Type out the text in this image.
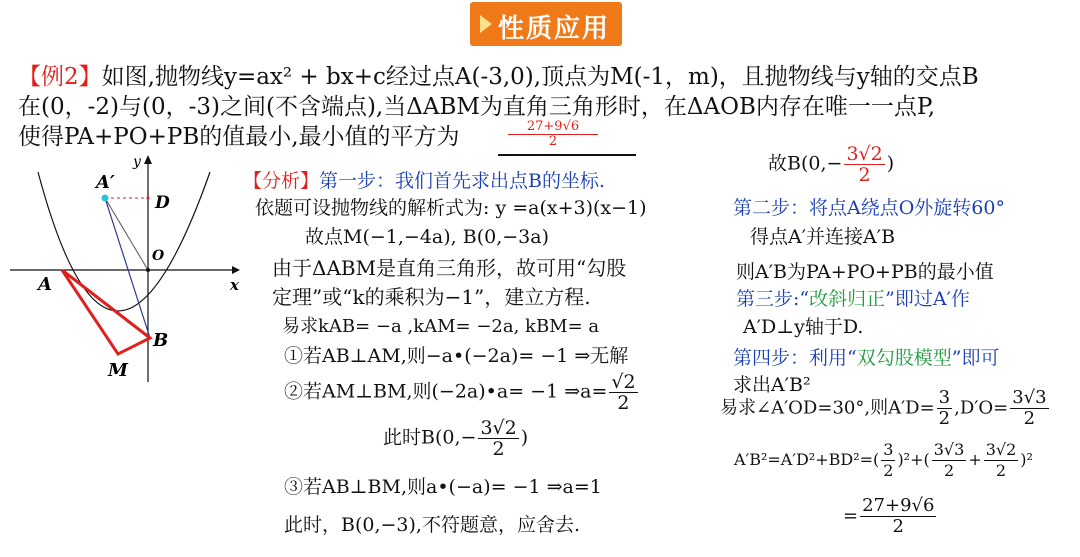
性质应用
【例2】如图,抛物线y=ax² + bx+c经过点A(-3,0),顶点为M(-1，m)，且抛物线与y轴的交点B
在(0，-2)与(0，-3)之间(不含端点),当ΔABM为直角三角形时，在ΔAOB内存在唯一一点P,
使得PA+PO+PB的值最小,最小值的平方为	$\frac{27+9√6}{2}$
y
x
A′
D
O
A
B
M
【分析】第一步：我们首先求出点B的坐标.
依题可设抛物线的解析式为: y =a(x+3)(x−1)
故点M(−1,−4a), B(0,−3a)
由于ΔABM是直角三角形，故可用“勾股
定理”或“k的乘积为−1”，建立方程.
易求kAB= −a ,kAM= −2a, kBM= a
①若AB⊥AM,则−a•(−2a)= −1 ⇒无解
②若AM⊥BM,则(−2a)•a= −1 ⇒a= $\frac{√2}{2}$
此时$B(0,- \frac{3√2}{2}$ )
③若AB⊥BM,则a•(−a)= −1 ⇒a=1
此时，B(0,−3),不符题意，应舍去.
故$B(0,- \frac{3√2}{2}$ )
第二步：将点A绕点O外旋转60°
得点A′并连接A′B
则A′B为PA+PO+PB的最小值
第三步:“改斜归正”即过A′作
A′D⊥y轴于D.
第四步：利用“双勾股模型”即可
求出A′B²
易求∠A′OD=30°,则$A'D= \frac{3}{2} ,D'O= \frac{3√3}{2}$
$A'B^2=A'D^2+BD^2=( \frac{3}{2} )^2+( \frac{3√3}{2} + \frac{3√2}{2} )^2$
= $\frac{27+9√6}{2}$
